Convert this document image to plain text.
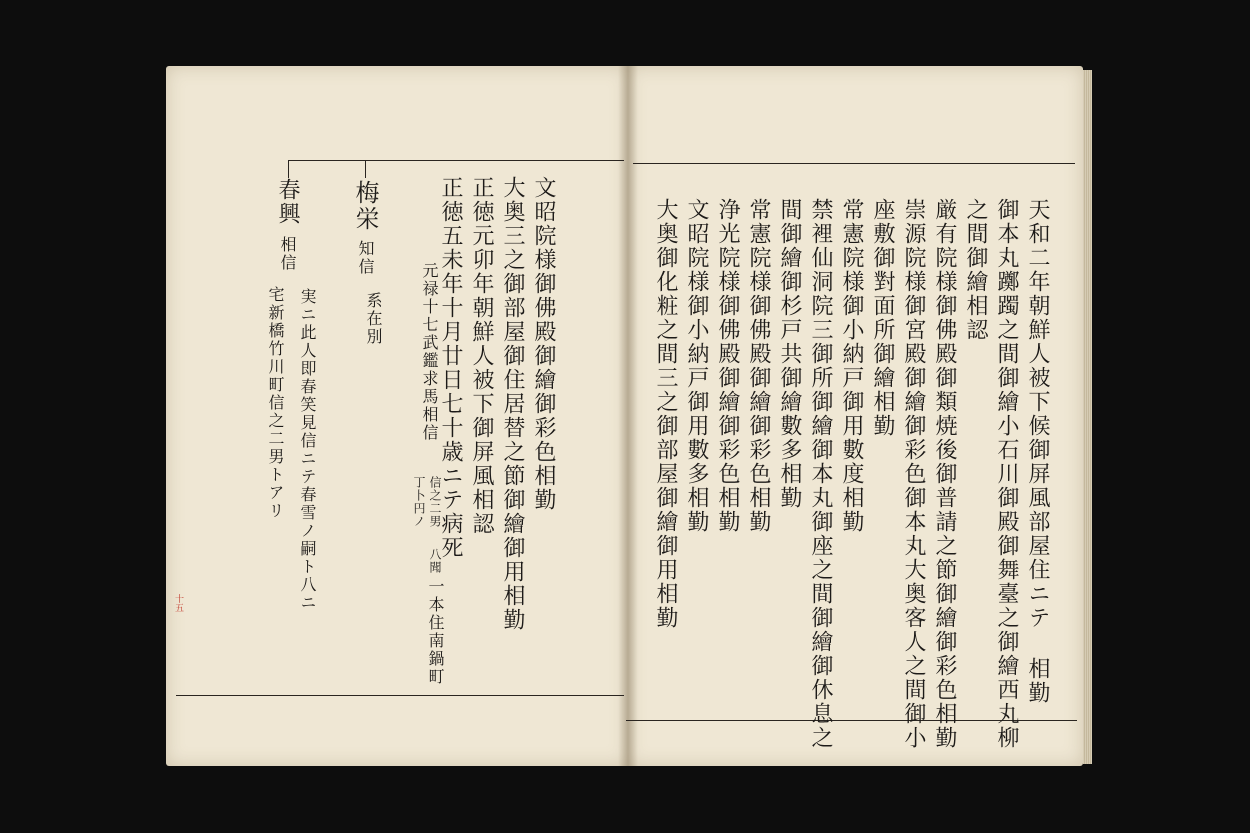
天和二年朝鮮人被下候御屏風部屋住ニテ 相勤
御本丸躑躅之間御繪小石川御殿御舞臺之御繪西丸柳
之間御繪相認
厳有院様御佛殿御類焼後御普請之節御繪御彩色相勤
崇源院様御宮殿御繪御彩色御本丸大奥客人之間御小
座敷御對面所御繪相勤
常憲院様御小納戸御用數度相勤
禁裡仙洞院三御所御繪御本丸御座之間御繪御休息之
間御繪御杉戸共御繪數多相勤
常憲院様御佛殿御繪御彩色相勤
浄光院様御佛殿御繪御彩色相勤
文昭院様御小納戸御用數多相勤
大奥御化粧之間三之御部屋御繪御用相勤
文昭院様御佛殿御繪御彩色相勤
大奥三之御部屋御住居替之節御繪御用相勤
正徳元卯年朝鮮人被下御屏風相認
正徳五未年十月廿日七十歳ニテ病死
元禄十七武鑑求馬相信
信之二男
八聞
丁卜円ノ
一本住南鍋町
梅栄
知信
系在別
春興
相信
実ニ此人即春笑見信ニテ春雪ノ嗣ト八ニ
宅新橋竹川町信之二男トアリ
十五
